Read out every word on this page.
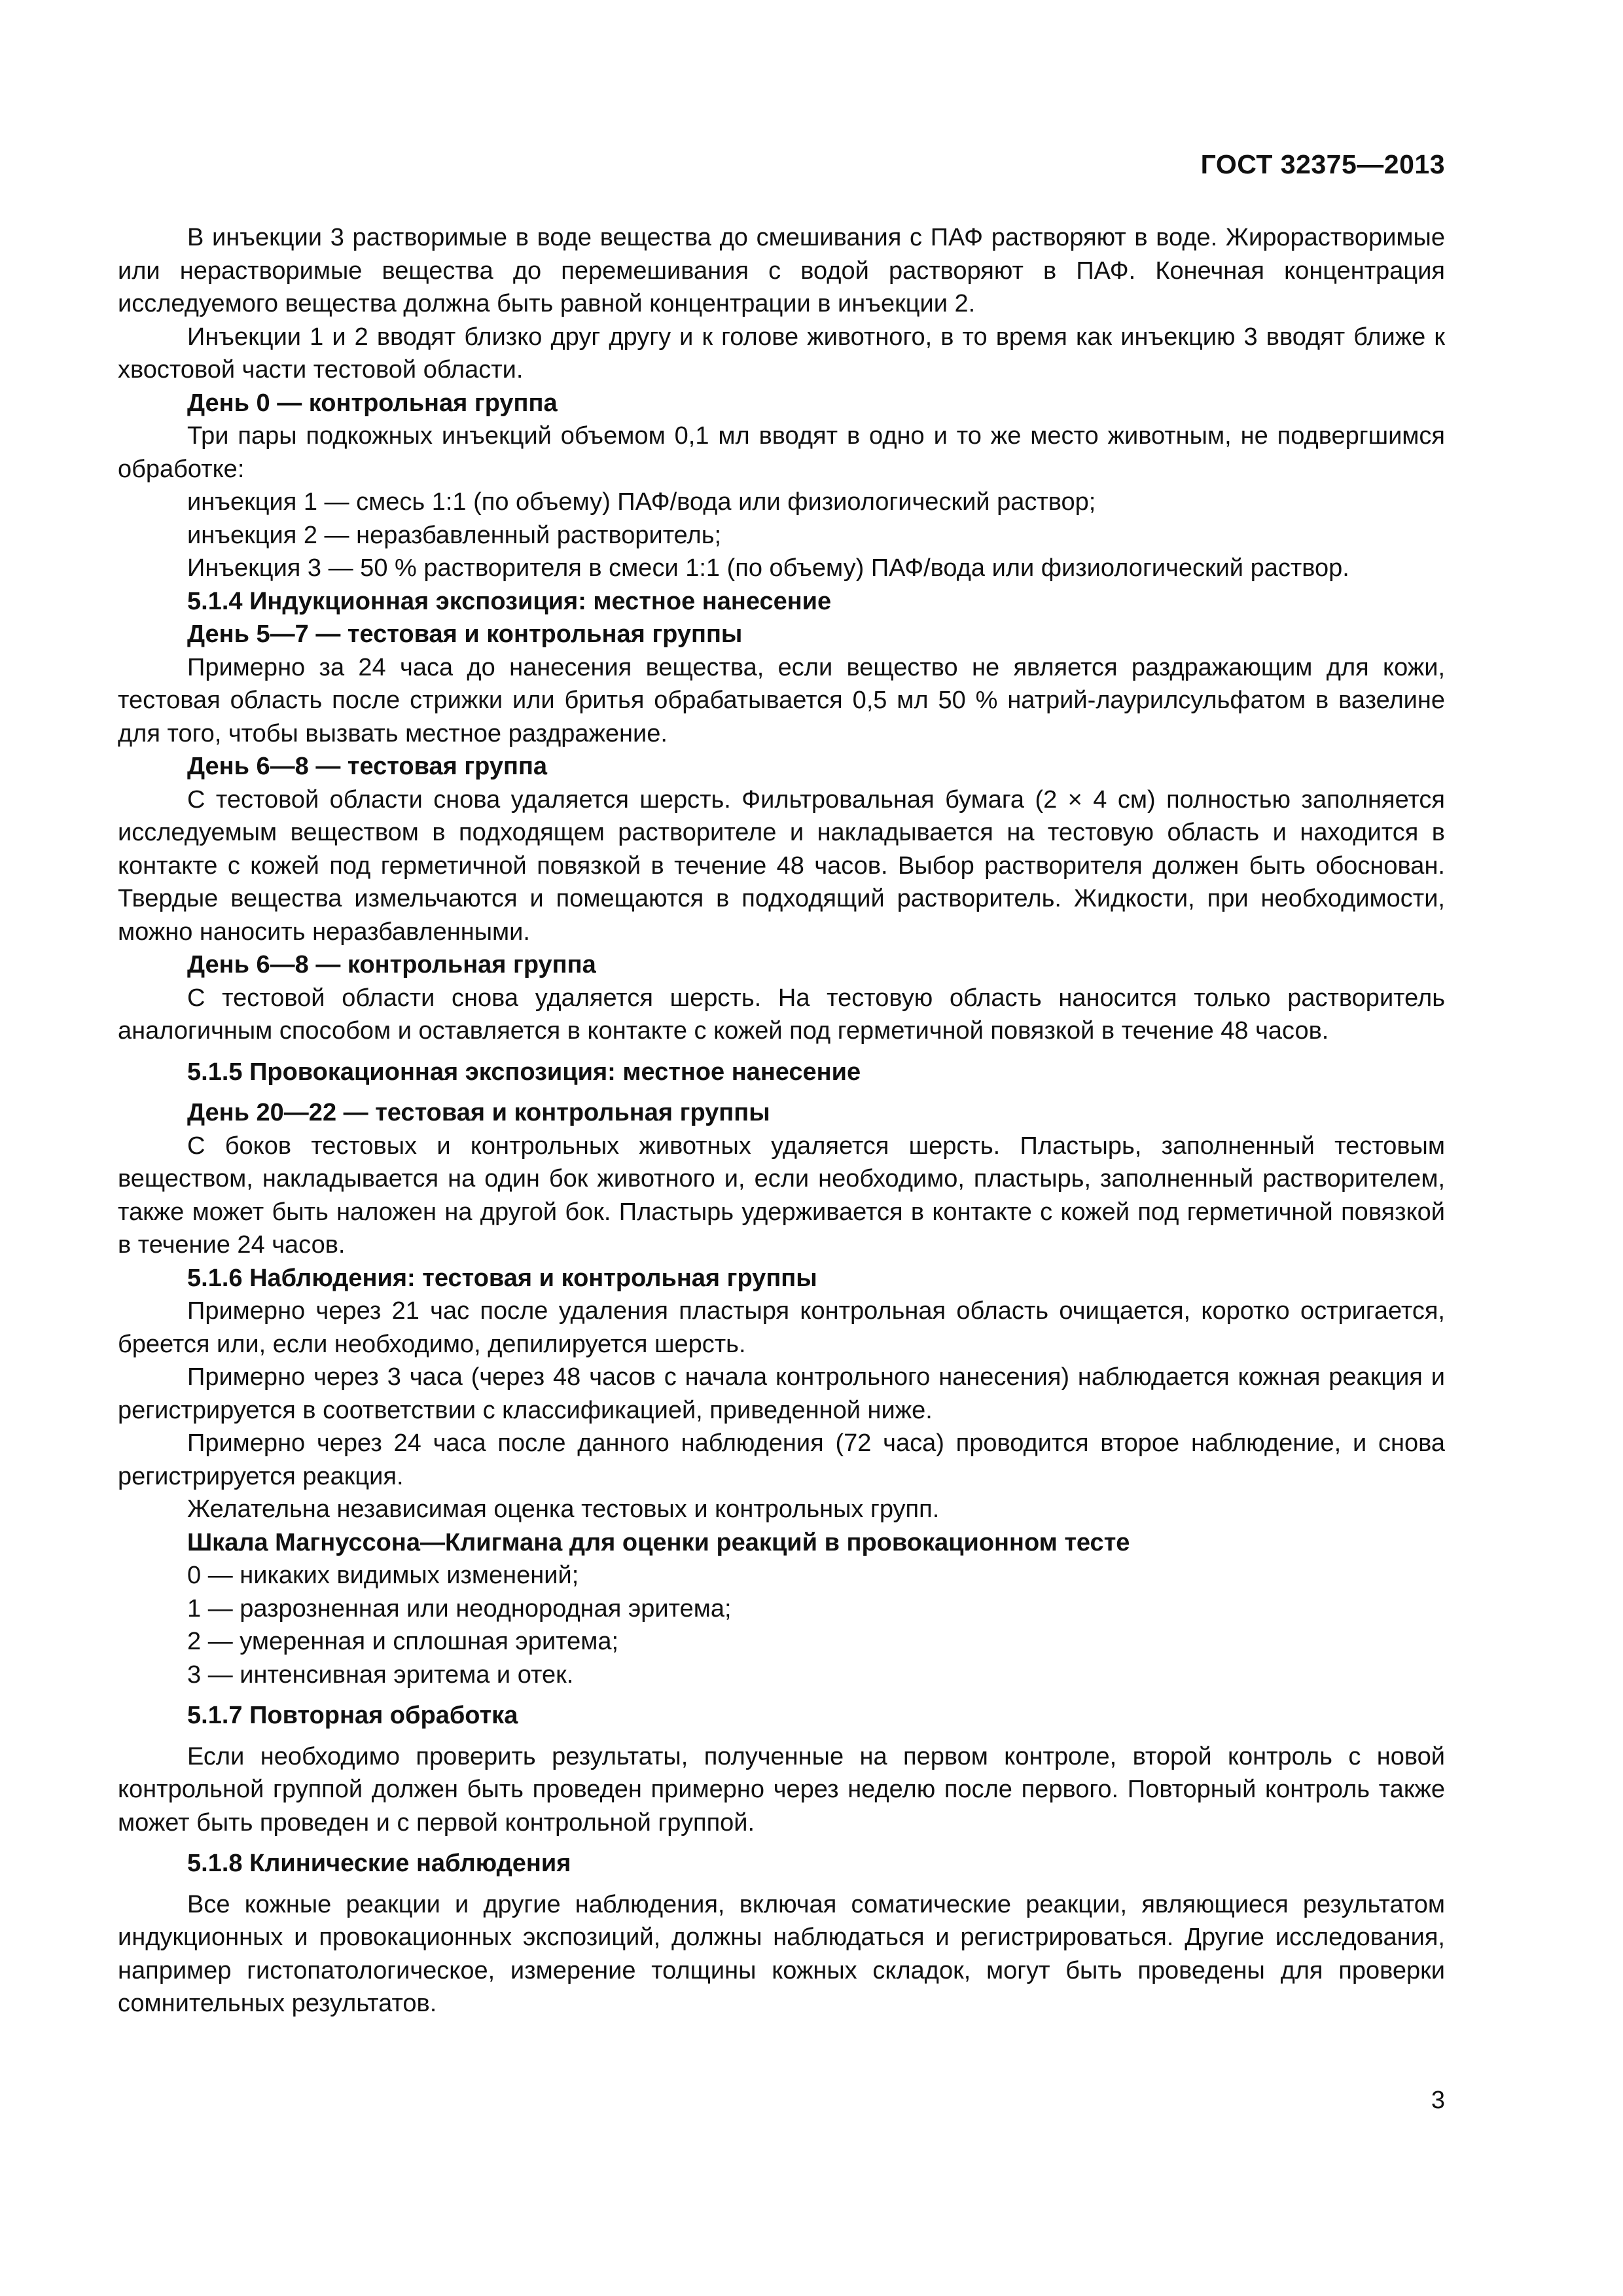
ГОСТ 32375—2013

В инъекции 3 растворимые в воде вещества до смешивания с ПАФ растворяют в воде. Жирорастворимые или нерастворимые вещества до перемешивания с водой растворяют в ПАФ. Конечная концентрация исследуемого вещества должна быть равной концентрации в инъекции 2.

Инъекции 1 и 2 вводят близко друг другу и к голове животного, в то время как инъекцию 3 вводят ближе к хвостовой части тестовой области.

День 0 — контрольная группа

Три пары подкожных инъекций объемом 0,1 мл вводят в одно и то же место животным, не подвергшимся обработке:

инъекция 1 — смесь 1:1 (по объему) ПАФ/вода или физиологический раствор;

инъекция 2 — неразбавленный растворитель;

Инъекция 3 — 50 % растворителя в смеси 1:1 (по объему) ПАФ/вода или физиологический раствор.

5.1.4 Индукционная экспозиция: местное нанесение

День 5—7 — тестовая и контрольная группы

Примерно за 24 часа до нанесения вещества, если вещество не является раздражающим для кожи, тестовая область после стрижки или бритья обрабатывается 0,5 мл 50 % натрий-лаурилсульфатом в вазелине для того, чтобы вызвать местное раздражение.

День 6—8 — тестовая группа

С тестовой области снова удаляется шерсть. Фильтровальная бумага (2 × 4 см) полностью заполняется исследуемым веществом в подходящем растворителе и накладывается на тестовую область и находится в контакте с кожей под герметичной повязкой в течение 48 часов. Выбор растворителя должен быть обоснован. Твердые вещества измельчаются и помещаются в подходящий растворитель. Жидкости, при необходимости, можно наносить неразбавленными.

День 6—8 — контрольная группа

С тестовой области снова удаляется шерсть. На тестовую область наносится только растворитель аналогичным способом и оставляется в контакте с кожей под герметичной повязкой в течение 48 часов.

5.1.5 Провокационная экспозиция: местное нанесение

День 20—22 — тестовая и контрольная группы

С боков тестовых и контрольных животных удаляется шерсть. Пластырь, заполненный тестовым веществом, накладывается на один бок животного и, если необходимо, пластырь, заполненный растворителем, также может быть наложен на другой бок. Пластырь удерживается в контакте с кожей под герметичной повязкой в течение 24 часов.

5.1.6 Наблюдения: тестовая и контрольная группы

Примерно через 21 час после удаления пластыря контрольная область очищается, коротко остригается, бреется или, если необходимо, депилируется шерсть.

Примерно через 3 часа (через 48 часов с начала контрольного нанесения) наблюдается кожная реакция и регистрируется в соответствии с классификацией, приведенной ниже.

Примерно через 24 часа после данного наблюдения (72 часа) проводится второе наблюдение, и снова регистрируется реакция.

Желательна независимая оценка тестовых и контрольных групп.

Шкала Магнуссона—Клигмана для оценки реакций в провокационном тесте

0 — никаких видимых изменений;

1 — разрозненная или неоднородная эритема;

2 — умеренная и сплошная эритема;

3 — интенсивная эритема и отек.

5.1.7 Повторная обработка

Если необходимо проверить результаты, полученные на первом контроле, второй контроль с новой контрольной группой должен быть проведен примерно через неделю после первого. Повторный контроль также может быть проведен и с первой контрольной группой.

5.1.8 Клинические наблюдения

Все кожные реакции и другие наблюдения, включая соматические реакции, являющиеся результатом индукционных и провокационных экспозиций, должны наблюдаться и регистрироваться. Другие исследования, например гистопатологическое, измерение толщины кожных складок, могут быть проведены для проверки сомнительных результатов.

3
